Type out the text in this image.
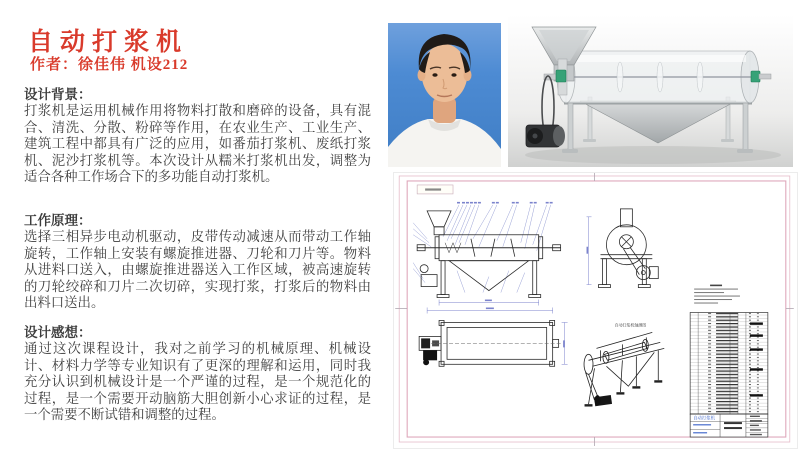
自动打浆机
作者：徐佳伟 机设212
设计背景：
打浆机是运用机械作用将物料打散和磨碎的设备，具有混合、清洗、分散、粉碎等作用，在农业生产、工业生产、建筑工程中都具有广泛的应用，如番茄打浆机、废纸打浆机、泥沙打浆机等。本次设计从糯米打浆机出发，调整为适合各种工作场合下的多功能自动打浆机。
工作原理：
选择三相异步电动机驱动，皮带传动减速从而带动工作轴旋转，工作轴上安装有螺旋推进器、刀轮和刀片等。物料从进料口送入，由螺旋推进器送入工作区域，被高速旋转的刀轮绞碎和刀片二次切碎，实现打浆，打浆后的物料由出料口送出。
设计感想：
通过这次课程设计，我对之前学习的机械原理、机械设计、材料力学等专业知识有了更深的理解和运用，同时我充分认识到机械设计是一个严谨的过程，是一个规范化的过程，是一个需要开动脑筋大胆创新小心求证的过程，是一个需要不断试错和调整的过程。
自动打浆机轴测图
自动打浆机
